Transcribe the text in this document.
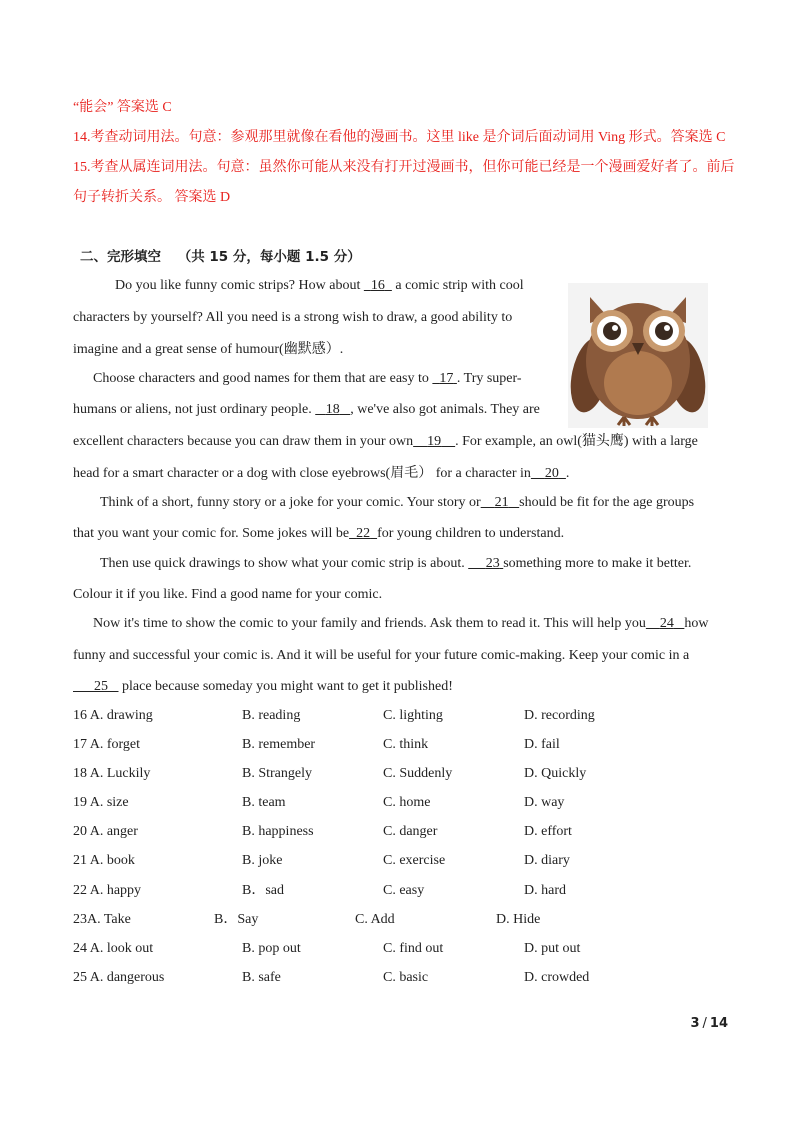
“能会” 答案选 C
14.考查动词用法。句意：参观那里就像在看他的漫画书。这里 like 是介词后面动词用 Ving 形式。答案选 C
15.考查从属连词用法。句意：虽然你可能从来没有打开过漫画书，但你可能已经是一个漫画爱好者了。前后
句子转折关系。 答案选 D
二、完形填空 （共 15 分，每小题 1.5 分）
Do you like funny comic strips? How about   16   a comic strip with cool
characters by yourself? All you need is a strong wish to draw, a good ability to
imagine and a great sense of humour(幽默感）.
Choose characters and good names for them that are easy to   17 . Try super-
humans or aliens, not just ordinary people.    18 , we've also got animals. They are
excellent characters because you can draw them in your own 19 . For example, an owl(猫头鹰) with a large
head for a smart character or a dog with close eyebrows(眉毛） for a character in 20 .
Think of a short, funny story or a joke for your comic. Your story or 21 should be fit for the age groups
that you want your comic for. Some jokes will be 22 for young children to understand.
Then use quick drawings to show what your comic strip is about.      23 something more to make it better.
Colour it if you like. Find a good name for your comic.
Now it's time to show the comic to your family and friends. Ask them to read it. This will help you 24 how
funny and successful your comic is. And it will be useful for your future comic-making. Keep your comic in a
25    place because someday you might want to get it published!
16 A. drawing	B. reading	C. lighting	D. recording
17 A. forget	B. remember	C. think	D. fail
18 A. Luckily	B. Strangely	C. Suddenly	D. Quickly
19 A. size	B. team	C. home	D. way
20 A. anger	B. happiness	C. danger	D. effort
21 A. book	B. joke	C. exercise	D. diary
22 A. happy	B．sad	C. easy	D. hard
23A. Take	B．Say	C. Add	D. Hide
24 A. look out	B. pop out	C. find out	D. put out
25 A. dangerous	B. safe	C. basic	D. crowded
3 / 14
